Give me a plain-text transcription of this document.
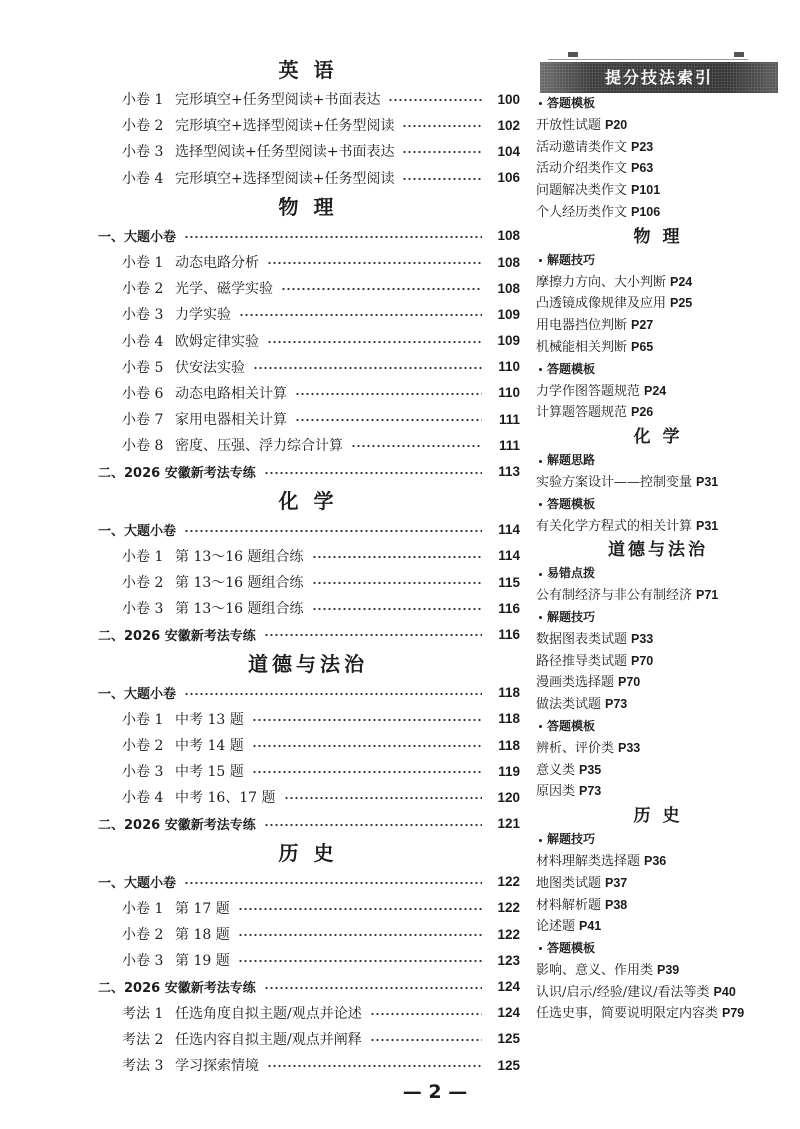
英 语
小卷 1 完形填空+任务型阅读+书面表达	100
小卷 2 完形填空+选择型阅读+任务型阅读	102
小卷 3 选择型阅读+任务型阅读+书面表达	104
小卷 4 完形填空+选择型阅读+任务型阅读	106
物 理
一、大题小卷	108
小卷 1 动态电路分析	108
小卷 2 光学、磁学实验	108
小卷 3 力学实验	109
小卷 4 欧姆定律实验	109
小卷 5 伏安法实验	110
小卷 6 动态电路相关计算	110
小卷 7 家用电器相关计算	111
小卷 8 密度、压强、浮力综合计算	111
二、2026 安徽新考法专练	113
化 学
一、大题小卷	114
小卷 1 第 13～16 题组合练	114
小卷 2 第 13～16 题组合练	115
小卷 3 第 13～16 题组合练	116
二、2026 安徽新考法专练	116
道德与法治
一、大题小卷	118
小卷 1 中考 13 题	118
小卷 2 中考 14 题	118
小卷 3 中考 15 题	119
小卷 4 中考 16、17 题	120
二、2026 安徽新考法专练	121
历 史
一、大题小卷	122
小卷 1 第 17 题	122
小卷 2 第 18 题	122
小卷 3 第 19 题	123
二、2026 安徽新考法专练	124
考法 1 任选角度自拟主题/观点并论述	124
考法 2 任选内容自拟主题/观点并阐释	125
考法 3 学习探索情境	125
提分技法索引
答题模板
开放性试题 P20
活动邀请类作文 P23
活动介绍类作文 P63
问题解决类作文 P101
个人经历类作文 P106
物 理
解题技巧
摩擦力方向、大小判断 P24
凸透镜成像规律及应用 P25
用电器挡位判断 P27
机械能相关判断 P65
答题模板
力学作图答题规范 P24
计算题答题规范 P26
化 学
解题思路
实验方案设计——控制变量 P31
答题模板
有关化学方程式的相关计算 P31
道德与法治
易错点拨
公有制经济与非公有制经济 P71
解题技巧
数据图表类试题 P33
路径推导类试题 P70
漫画类选择题 P70
做法类试题 P73
答题模板
辨析、评价类 P33
意义类 P35
原因类 P73
历 史
解题技巧
材料理解类选择题 P36
地图类试题 P37
材料解析题 P38
论述题 P41
答题模板
影响、意义、作用类 P39
认识/启示/经验/建议/看法等类 P40
任选史事，简要说明限定内容类 P79
— 2 —
